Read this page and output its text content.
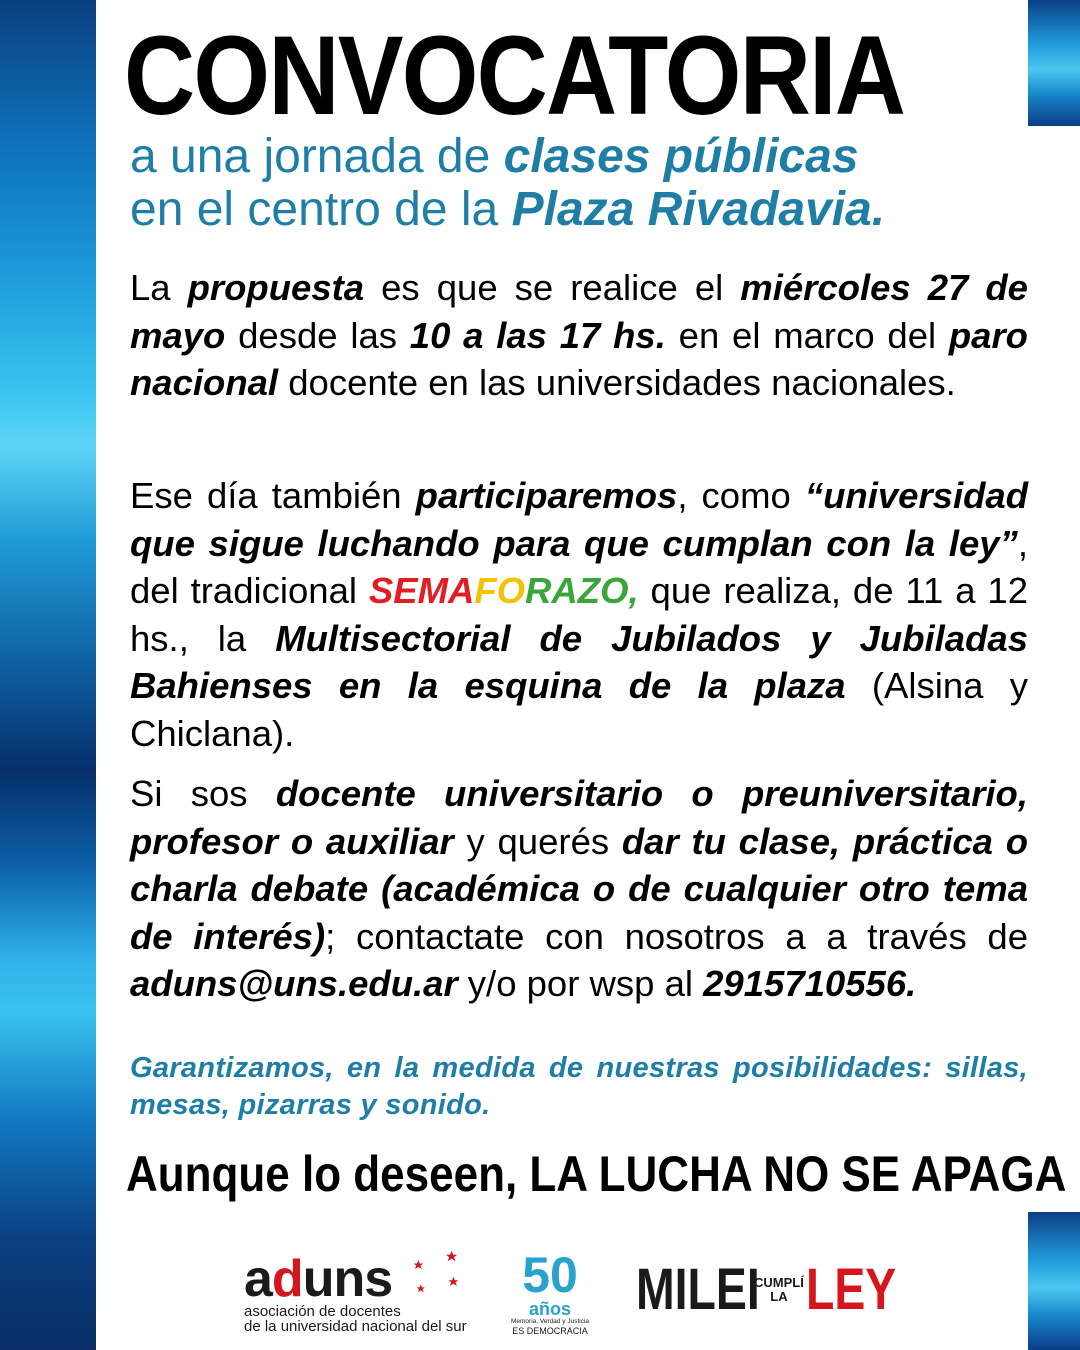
CONVOCATORIA
a una jornada de clases públicas
en el centro de la Plaza Rivadavia.

La propuesta es que se realice el miércoles 27 de mayo desde las 10 a las 17 hs. en el marco del paro nacional docente en las universidades nacionales.

Ese día también participaremos, como “universidad que sigue luchando para que cumplan con la ley”, del tradicional SEMAFORAZO, que realiza, de 11 a 12 hs., la Multisectorial de Jubilados y Jubiladas Bahienses en la esquina de la plaza (Alsina y Chiclana).

Si sos docente universitario o preuniversitario, profesor o auxiliar y querés dar tu clase, práctica o charla debate (académica o de cualquier otro tema de interés); contactate con nosotros a a través de aduns@uns.edu.ar y/o por wsp al 2915710556.

Garantizamos, en la medida de nuestras posibilidades: sillas, mesas, pizarras y sonido.

Aunque lo deseen, LA LUCHA NO SE APAGA
aduns
asociación de docentes
de la universidad nacional del sur
50
años
Memoria, Verdad y Justicia
ES DEMOCRACIA
MILEI
CUMPLÍ
LA LEY
